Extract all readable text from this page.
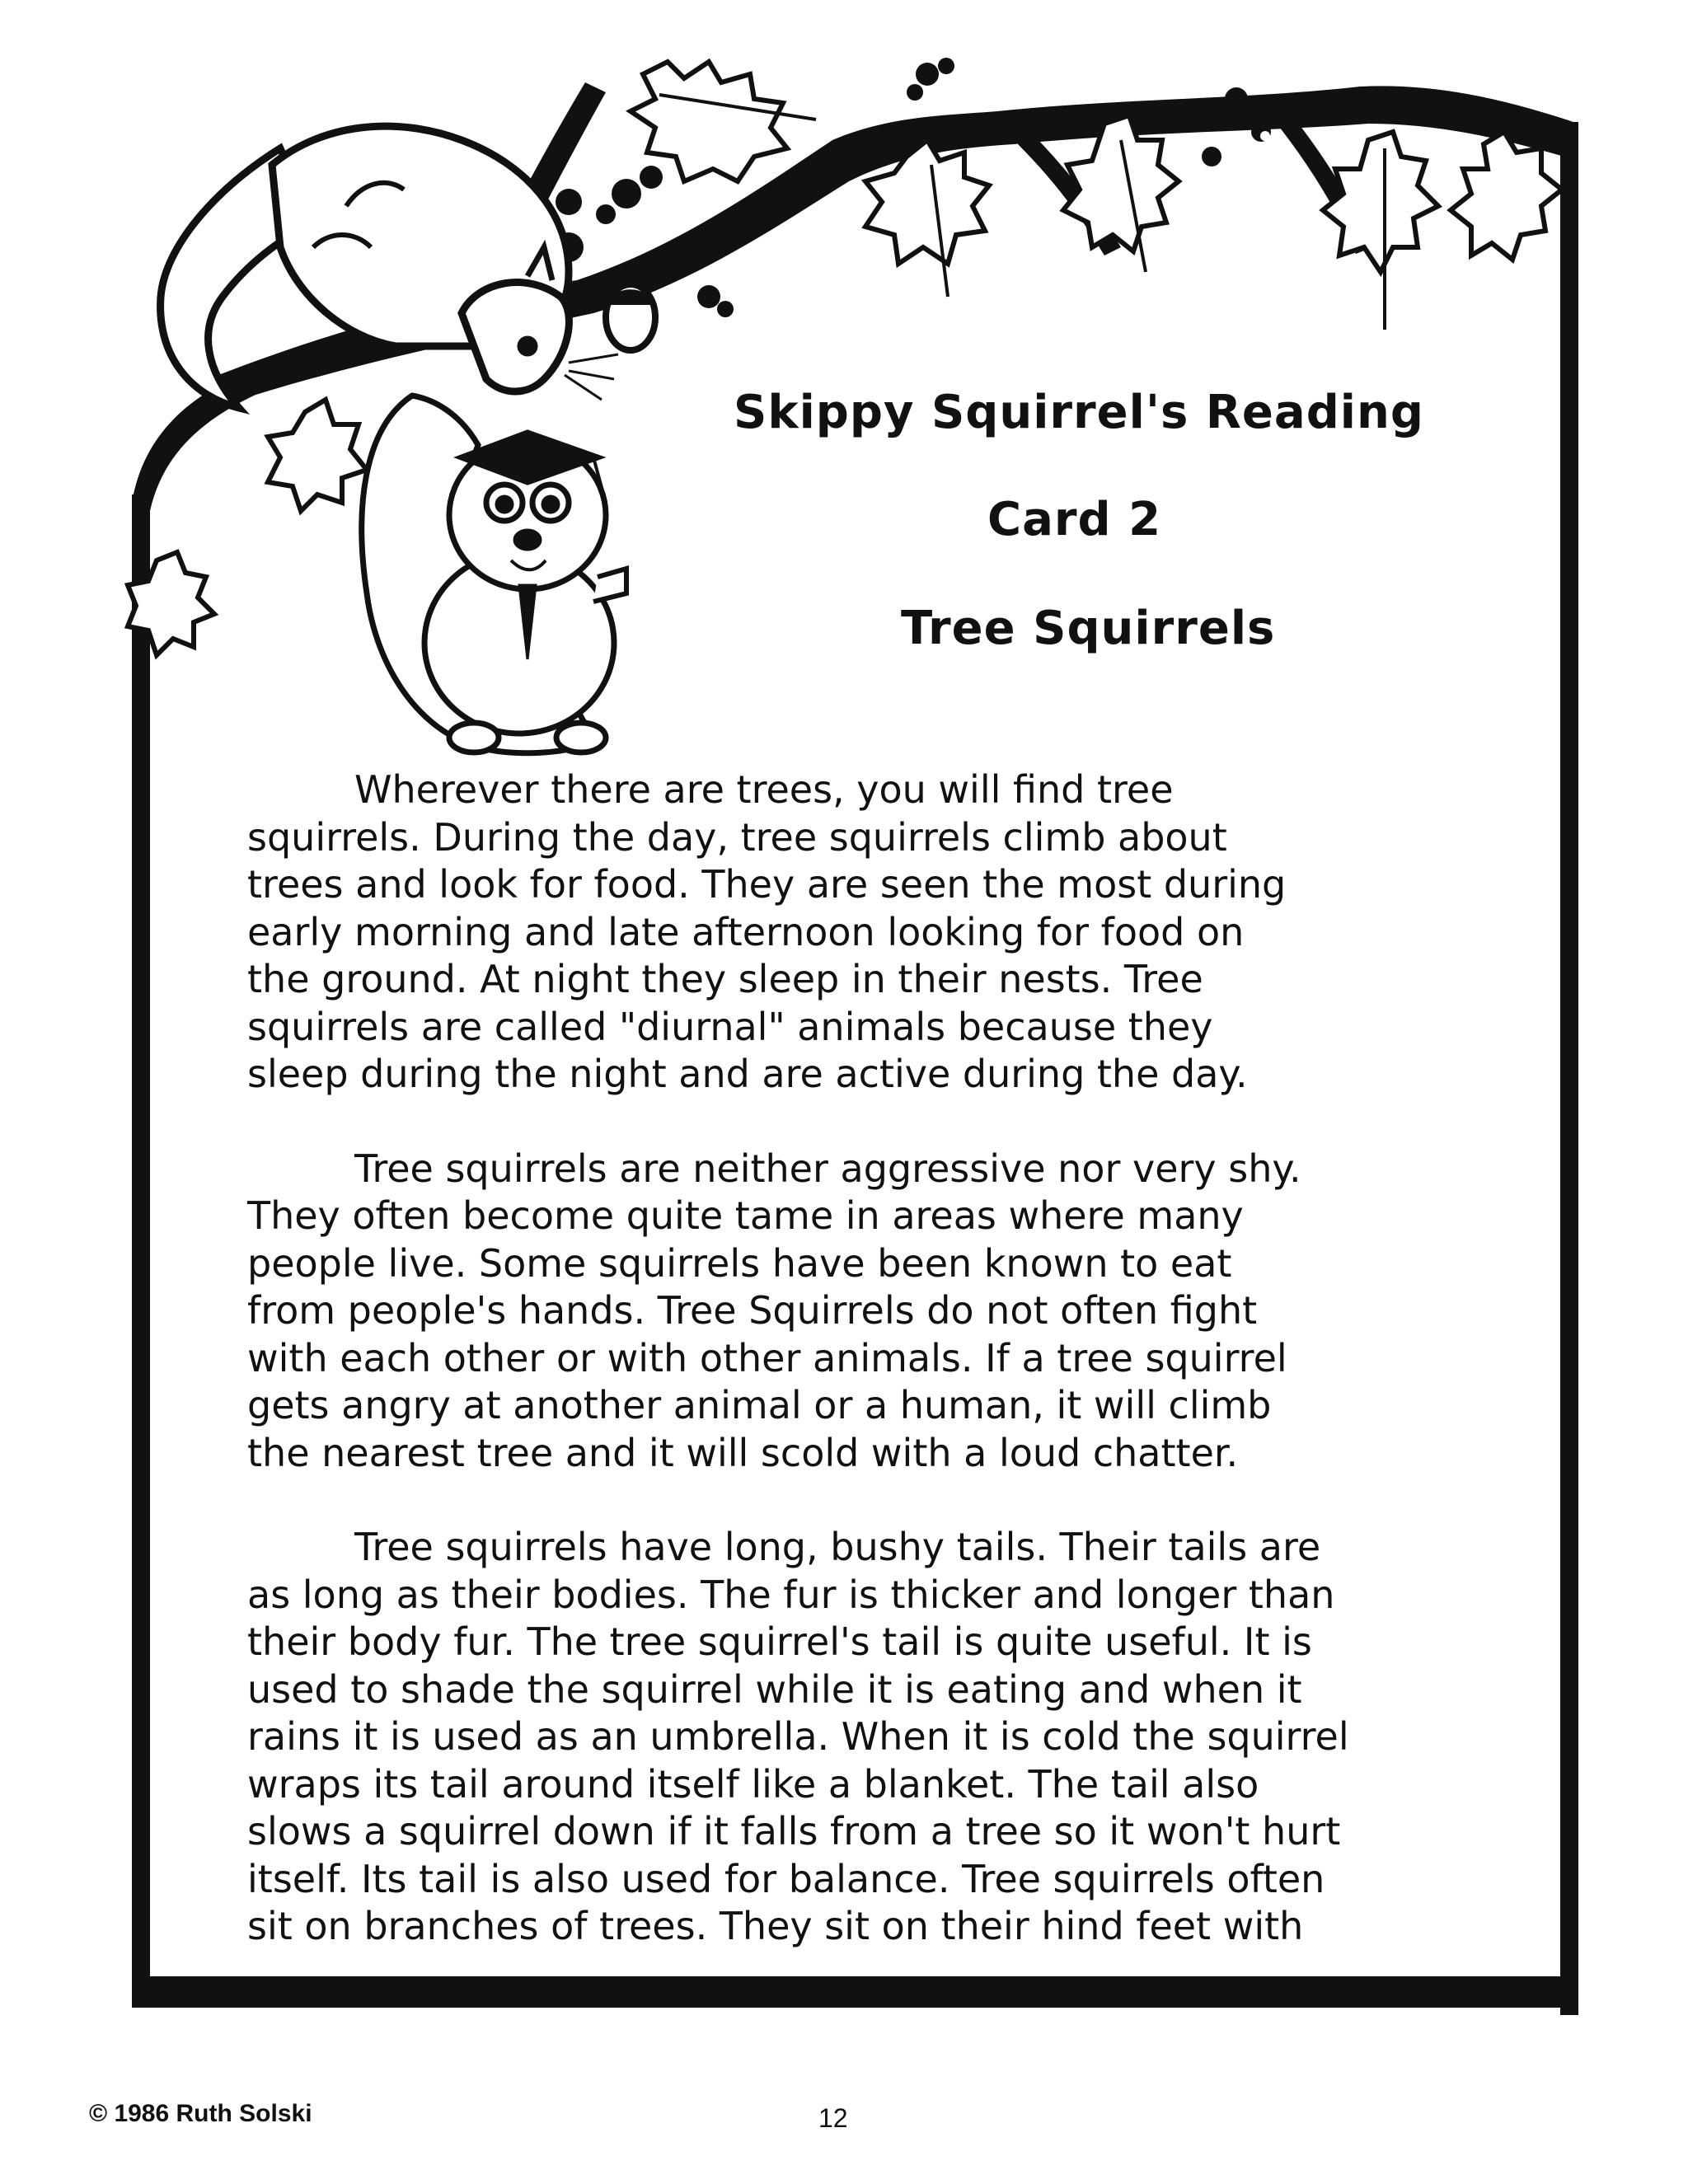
Skippy Squirrel's Reading
Card 2
Tree Squirrels

Wherever there are trees, you will find tree
squirrels. During the day, tree squirrels climb about
trees and look for food. They are seen the most during
early morning and late afternoon looking for food on
the ground. At night they sleep in their nests. Tree
squirrels are called "diurnal" animals because they
sleep during the night and are active during the day.

Tree squirrels are neither aggressive nor very shy.
They often become quite tame in areas where many
people live. Some squirrels have been known to eat
from people's hands. Tree Squirrels do not often fight
with each other or with other animals. If a tree squirrel
gets angry at another animal or a human, it will climb
the nearest tree and it will scold with a loud chatter.

Tree squirrels have long, bushy tails. Their tails are
as long as their bodies. The fur is thicker and longer than
their body fur. The tree squirrel's tail is quite useful. It is
used to shade the squirrel while it is eating and when it
rains it is used as an umbrella. When it is cold the squirrel
wraps its tail around itself like a blanket. The tail also
slows a squirrel down if it falls from a tree so it won't hurt
itself. Its tail is also used for balance. Tree squirrels often
sit on branches of trees. They sit on their hind feet with

© 1986 Ruth Solski	12
